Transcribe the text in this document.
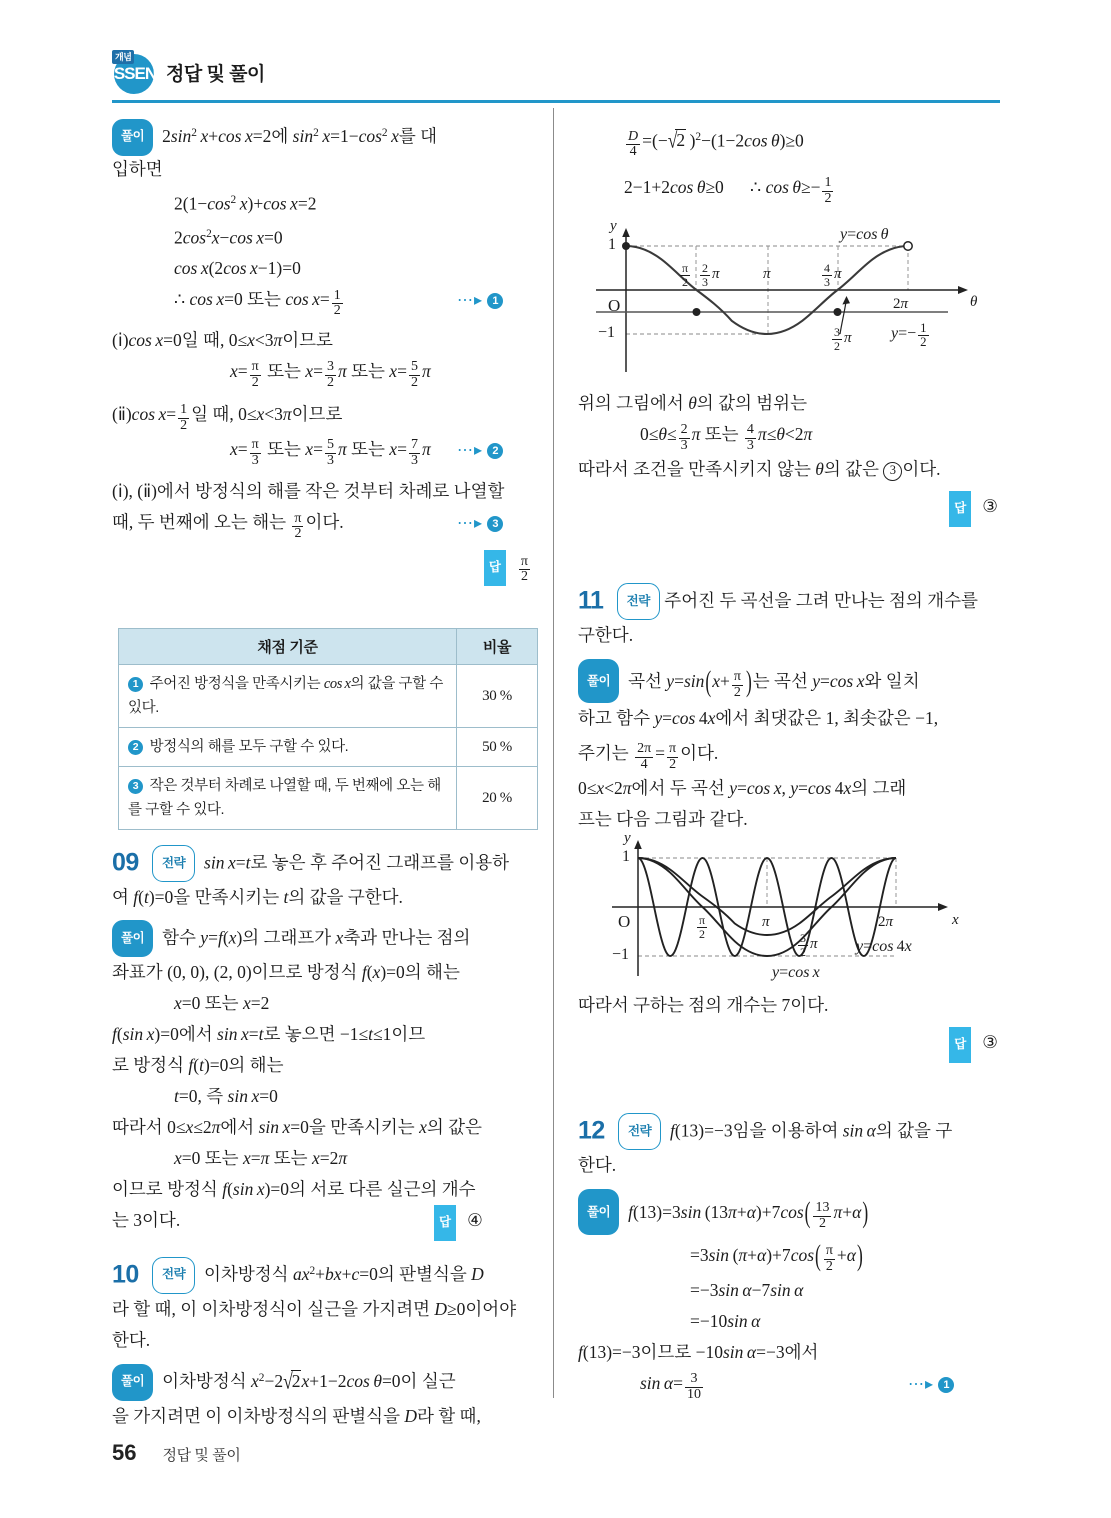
개념
SSEN 정답 및 풀이
풀이  $2\sin^2$  x+cos x=2에 $\sin^2 x=1-\cos^2$  x를 대
입하면
$2(1-\cos^2$  x)+cos x=2
$2\cos^2x-\cos$ x=0
cos x(2cos x−1)=0
∴ cos x=0 또는 $\cos x= \frac{1}{2}$	⋯▸ 1
(ⅰ)cos x=0일 때, 0≤x<3π이므로
$x= \frac{\pi}{2}$ 또는 $x= \frac{3}{2}$ π 또는 $x= \frac{5}{2}$ π
(ⅱ)cos $x= \frac{1}{2}$ 일 때, 0≤x<3π이므로
$x= \frac{\pi}{3}$ 또는 $x= \frac{5}{3}$ π 또는 $x= \frac{7}{3}$ π ⋯▸ 2
(ⅰ), (ⅱ)에서 방정식의 해를 작은 것부터 차례로 나열할
때, 두 번째에 오는 해는 $\frac{\pi}{2}$ 이다.	⋯▸ 3
답 $\frac{\pi}{2}$
채점 기준	비율
1 주어진 방정식을 만족시키는 cos x의 값을 구할 수 있다.	30 %
2 방정식의 해를 모두 구할 수 있다.	50 %
3 작은 것부터 차례로 나열할 때, 두 번째에 오는 해를 구할 수 있다.	20 %
09 전략 sin x=t로 놓은 후 주어진 그래프를 이용하
여 f(t)=0을 만족시키는 t의 값을 구한다.
풀이  함수 y=f(x)의 그래프가 x축과 만나는 점의
좌표가 (0, 0), (2, 0)이므로 방정식 f(x)=0의 해는
x=0 또는 x=2
f(sin x)=0에서 sin x=t로 놓으면 −1≤t≤1이므
로 방정식 f(t)=0의 해는
t=0, 즉 sin x=0
따라서 0≤x≤2π에서 sin x=0을 만족시키는 x의 값은
x=0 또는 x=π 또는 x=2π
이므로 방정식 f(sin x)=0의 서로 다른 실근의 개수
는 3이다.	답 ④
10 전략  이차방정식 $ax^2+bx+c=0$의 판별식을 D
라 할 때, 이 이차방정식이 실근을 가지려면 D≥0이어야
한다.
풀이  이차방정식 $x^2-2√2x+1-2\cos$ θ=0이 실근
을 가지려면 이 이차방정식의 판별식을 D라 할 때,
$\frac{D}{4} =(-√2$ )$^2$−(1−2cos θ)≥0
2−1+2cos θ≥0      ∴ $\cos \theta\ge- \frac{1}{2}$
y
θ
O
1
−1
$\frac{\pi}{2} \frac{2}{3}$ π	π	$\frac{4}{3}$ π
2π
$\frac{3}{2}$ π
y=cos θ
$y=- \frac{1}{2}$
위의 그림에서 θ의 값의 범위는
$0\le\theta\le \frac{2}{3}$ π 또는 $\frac{4}{3} \pi\le\theta<2\pi$
따라서 조건을 만족시키지 않는 θ의 값은 3 이다.
답 ③
11 전략 주어진 두 곡선을 그려 만나는 점의 개수를
구한다.
풀이  곡선 $y=\sin(x+ \frac{\pi}{2}$ )는 곡선 y=cos x와 일치
하고 함수 y=cos 4x에서 최댓값은 1, 최솟값은 −1,
주기는 $\frac{2\pi}{4} = \frac{\pi}{2}$ 이다.
0≤x<2π에서 두 곡선 y=cos x, y=cos 4x의 그래
프는 다음 그림과 같다.
y
x
O
1
−1
$\frac{\pi}{2}$	π
$\frac{3}{2}$ π
2π
y=cos 4x
y=cos x
따라서 구하는 점의 개수는 7이다.
답 ③
12 전략 f(13)=−3임을 이용하여 sin α의 값을 구
한다.
풀이 f(13)=3sin $(13\pi+\alpha)+7\cos( \frac{13}{2} \pi+\alpha)$
=3sin $(\pi+\alpha)+7\cos( \frac{\pi}{2} +\alpha)$
=−3sin α−7sin α
=−10sin α
f(13)=−3이므로 −10sin α=−3에서
$\sin \alpha= \frac{3}{10}$	⋯▸ 1
56 정답 및 풀이
